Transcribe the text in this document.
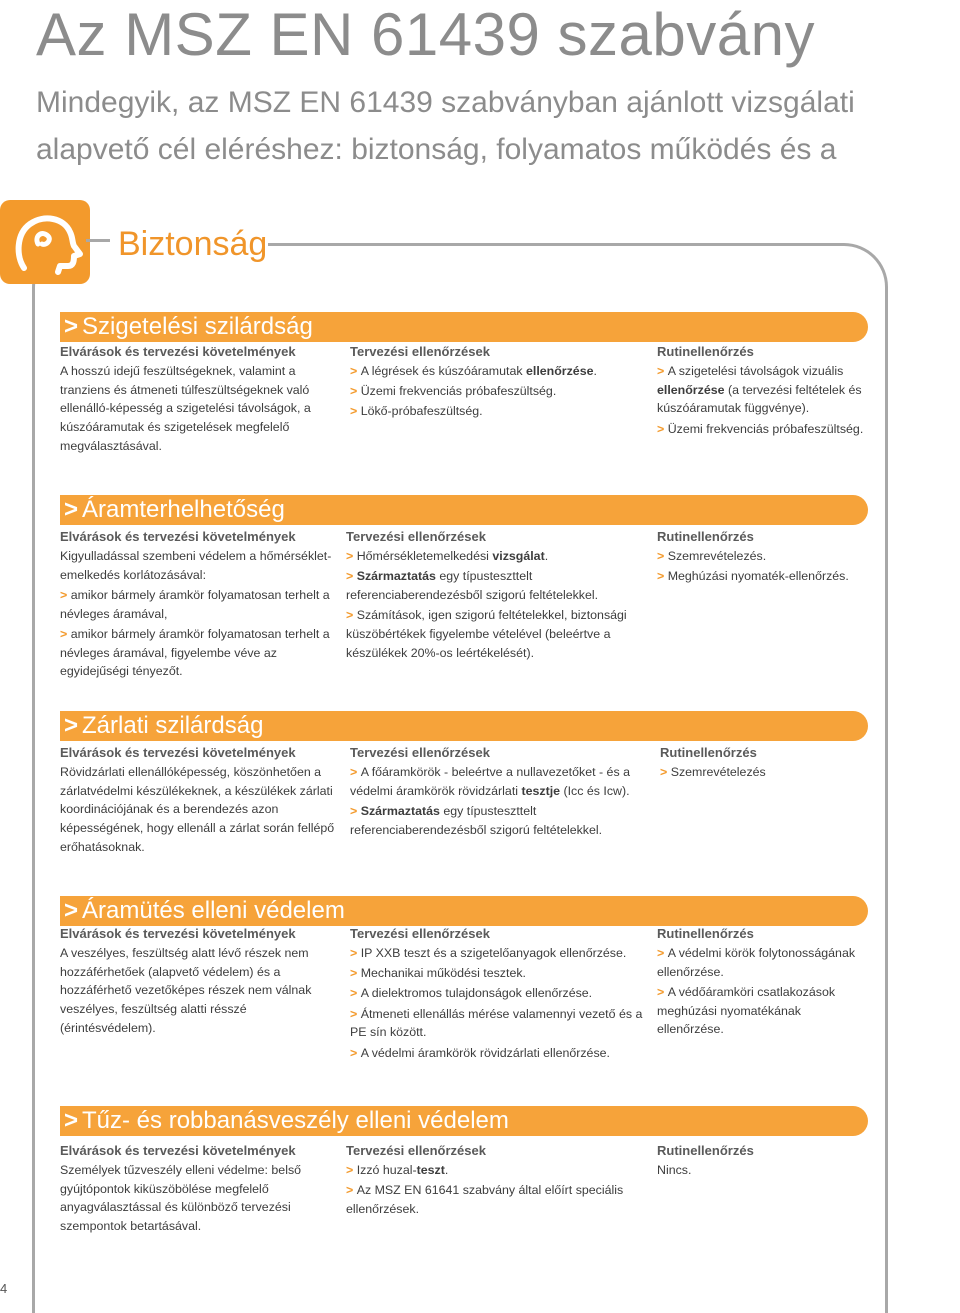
Az MSZ EN 61439 szabvány
Mindegyik, az MSZ EN 61439 szabványban ajánlott vizsgálati
alapvető cél eléréshez: biztonság, folyamatos működés és a
Biztonság
> Szigetelési szilárdság
Elvárások és tervezési követelmények

A hosszú idejű feszültségeknek, valamint a tranziens és átmeneti túlfeszültségeknek való ellenálló-képesség a szigetelési távolságok, a kúszóáramutak és szigetelések megfelelő megválasztásával.

Tervezési ellenőrzések

> A légrések és kúszóáramutak ellenőrzése.

> Üzemi frekvenciás próbafeszültség.

> Lökő-próbafeszültség.

Rutinellenőrzés

> A szigetelési távolságok vizuális ellenőrzése (a tervezési feltételek és kúszóáramutak függvénye).

> Üzemi frekvenciás próbafeszültség.

> Áramterhelhetőség
Elvárások és tervezési követelmények

Kigyulladással szembeni védelem a hőmérséklet-emelkedés korlátozásával:

> amikor bármely áramkör folyamatosan terhelt a névleges áramával,

> amikor bármely áramkör folyamatosan terhelt a névleges áramával, figyelembe véve az egyidejűségi tényezőt.

Tervezési ellenőrzések

> Hőmérsékletemelkedési vizsgálat.

> Származtatás egy típusteszttelt referenciaberendezésből szigorú feltételekkel.

> Számítások, igen szigorú feltételekkel, biztonsági küszöbértékek figyelembe vételével (beleértve a készülékek 20%-os leértékelését).

Rutinellenőrzés

> Szemrevételezés.

> Meghúzási nyomaték-ellenőrzés.

> Zárlati szilárdság
Elvárások és tervezési követelmények

Rövidzárlati ellenállóképesség, köszönhetően a zárlatvédelmi készülékeknek, a készülékek zárlati koordinációjának és a berendezés azon képességének, hogy ellenáll a zárlat során fellépő erőhatásoknak.

Tervezési ellenőrzések

> A főáramkörök - beleértve a nullavezetőket - és a védelmi áramkörök rövidzárlati tesztje (Icc és Icw).

> Származtatás egy típusteszttelt referenciaberendezésből szigorú feltételekkel.

Rutinellenőrzés

> Szemrevételezés

> Áramütés elleni védelem
Elvárások és tervezési követelmények

A veszélyes, feszültség alatt lévő részek nem hozzáférhetőek (alapvető védelem) és a hozzáférhető vezetőképes részek nem válnak veszélyes, feszültség alatti résszé (érintésvédelem).

Tervezési ellenőrzések

> IP XXB teszt és a szigetelőanyagok ellenőrzése.

> Mechanikai működési tesztek.

> A dielektromos tulajdonságok ellenőrzése.

> Átmeneti ellenállás mérése valamennyi vezető és a PE sín között.

> A védelmi áramkörök rövidzárlati ellenőrzése.

Rutinellenőrzés

> A védelmi körök folytonosságának ellenőrzése.

> A védőáramköri csatlakozások meghúzási nyomatékának ellenőrzése.

> Tűz- és robbanásveszély elleni védelem
Elvárások és tervezési követelmények

Személyek tűzveszély elleni védelme: belső gyújtópontok kiküszöbölése megfelelő anyagválasztással és különböző tervezési szempontok betartásával.

Tervezési ellenőrzések

> Izzó huzal-teszt.

> Az MSZ EN 61641 szabvány által előírt speciális ellenőrzések.

Rutinellenőrzés

Nincs.

4
